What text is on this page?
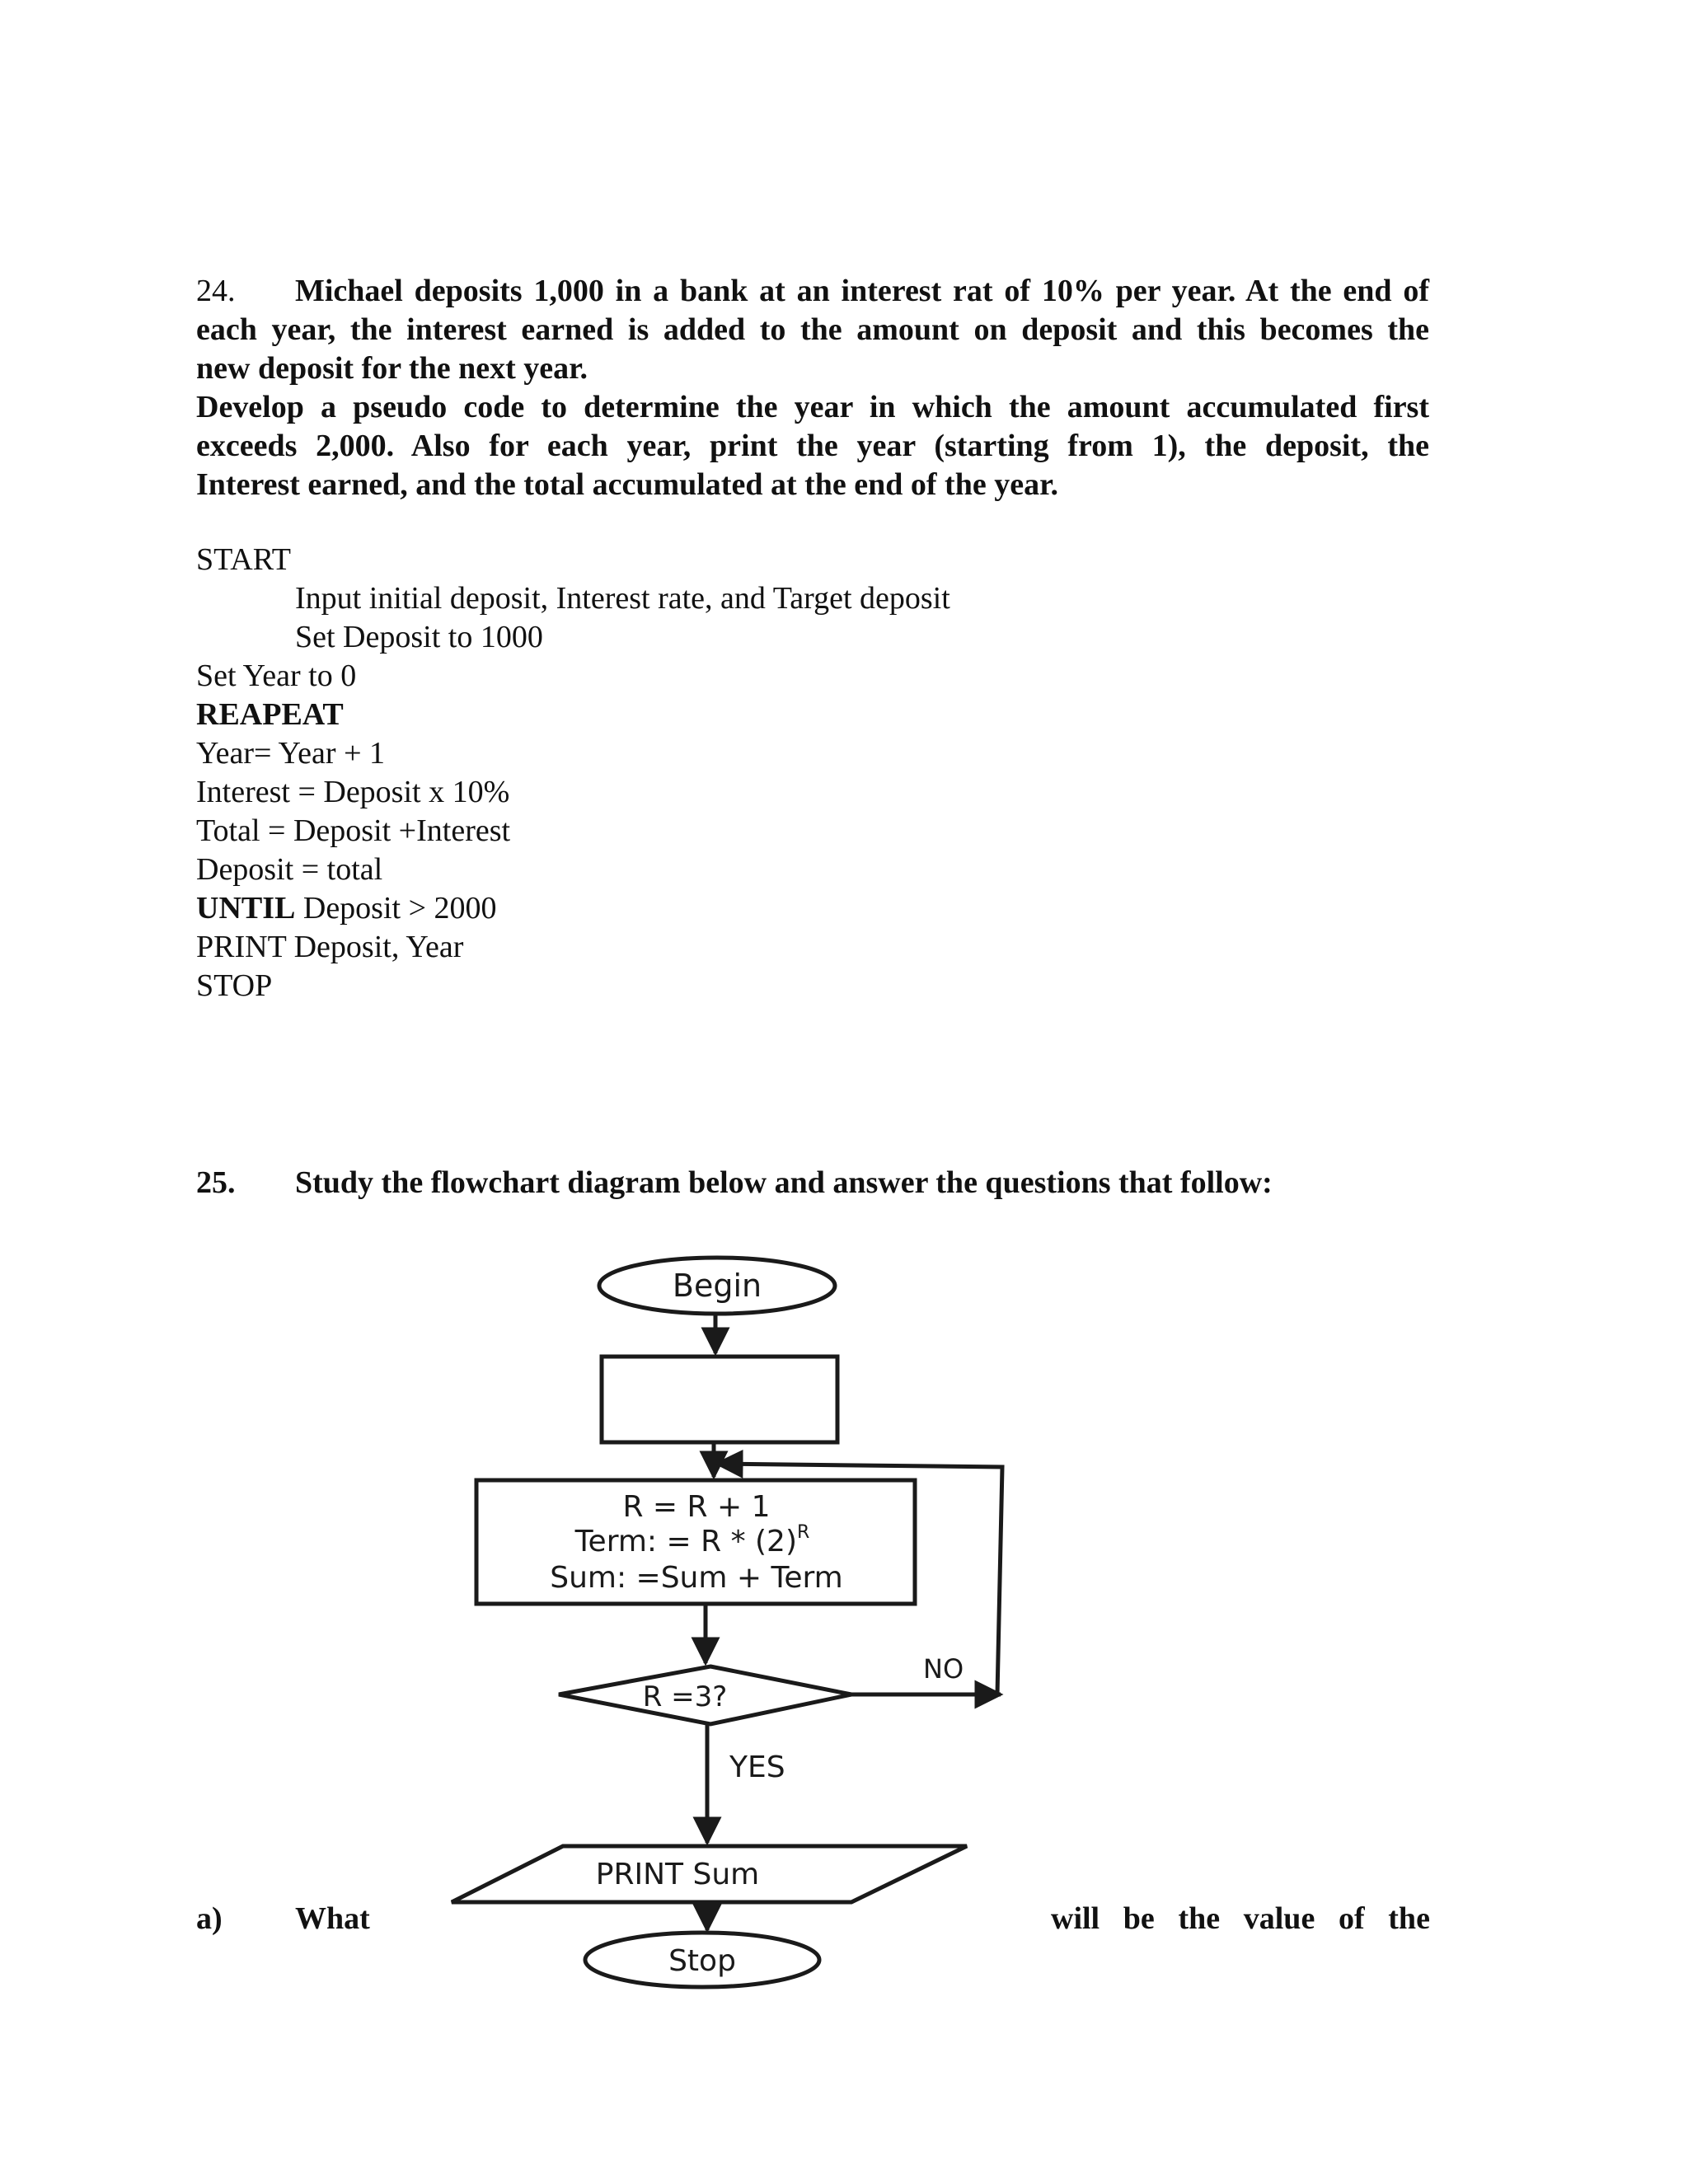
24. Michael deposits 1,000 in a bank at an interest rat of 10% per year. At the end of

each year, the interest earned is added to the amount on deposit and this becomes the

new deposit for the next year.

Develop a pseudo code to determine the year in which the amount accumulated first

exceeds 2,000. Also for each year, print the year (starting from 1), the deposit, the

Interest earned, and the total accumulated at the end of the year.

START
Input initial deposit, Interest rate, and Target deposit
Set Deposit to 1000
Set Year to 0
REAPEAT
Year= Year + 1
Interest = Deposit x 10%
Total = Deposit +Interest
Deposit = total
UNTIL Deposit > 2000
PRINT Deposit, Year
STOP
25. Study the flowchart diagram below and answer the questions that follow:
Begin
R = R + 1
Term: = R * $(2)^R$
Sum: =Sum + Term
R =3?
NO
YES
PRINT Sum
Stop
a) What	will be the value of the
